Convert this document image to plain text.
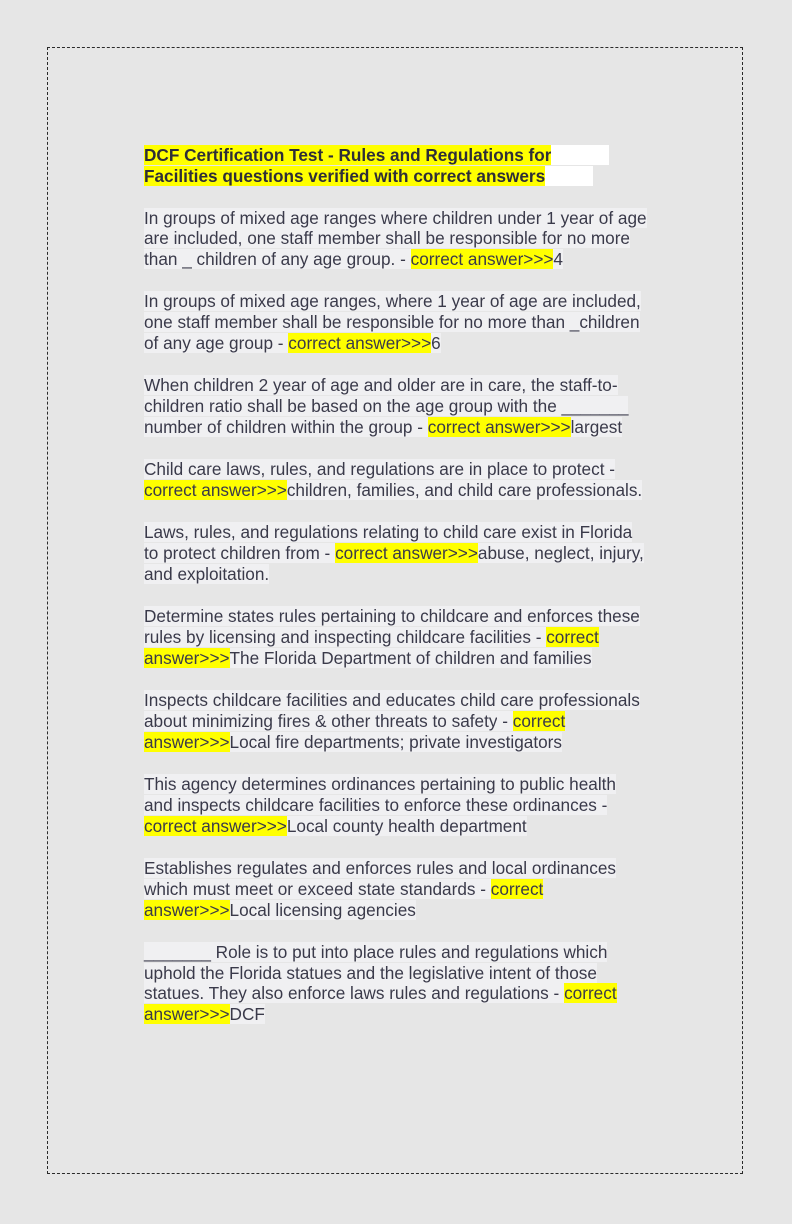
DCF Certification Test - Rules and Regulations for​
Facilities questions verified with correct answers​

In groups of mixed age ranges where children under 1 year of age are included, one staff member shall be responsible for no more than _ children of any age group. - correct answer>>>4

In groups of mixed age ranges, where 1 year of age are included, one staff member shall be responsible for no more than _children of any age group - correct answer>>>6

When children 2 year of age and older are in care, the staff-to-children ratio shall be based on the age group with the _______ number of children within the group - correct answer>>>largest

Child care laws, rules, and regulations are in place to protect - correct answer>>>children, families, and child care professionals.

Laws, rules, and regulations relating to child care exist in Florida to protect children from - correct answer>>>abuse, neglect, injury, and exploitation.

Determine states rules pertaining to childcare and enforces these rules by licensing and inspecting childcare facilities - correct answer>>>The Florida Department of children and families

Inspects childcare facilities and educates child care professionals about minimizing fires & other threats to safety - correct answer>>>Local fire departments; private investigators

This agency determines ordinances pertaining to public health and inspects childcare facilities to enforce these ordinances - correct answer>>>Local county health department

Establishes regulates and enforces rules and local ordinances which must meet or exceed state standards - correct answer>>>Local licensing agencies

_______ Role is to put into place rules and regulations which uphold the Florida statues and the legislative intent of those statues. They also enforce laws rules and regulations - correct answer>>>DCF
